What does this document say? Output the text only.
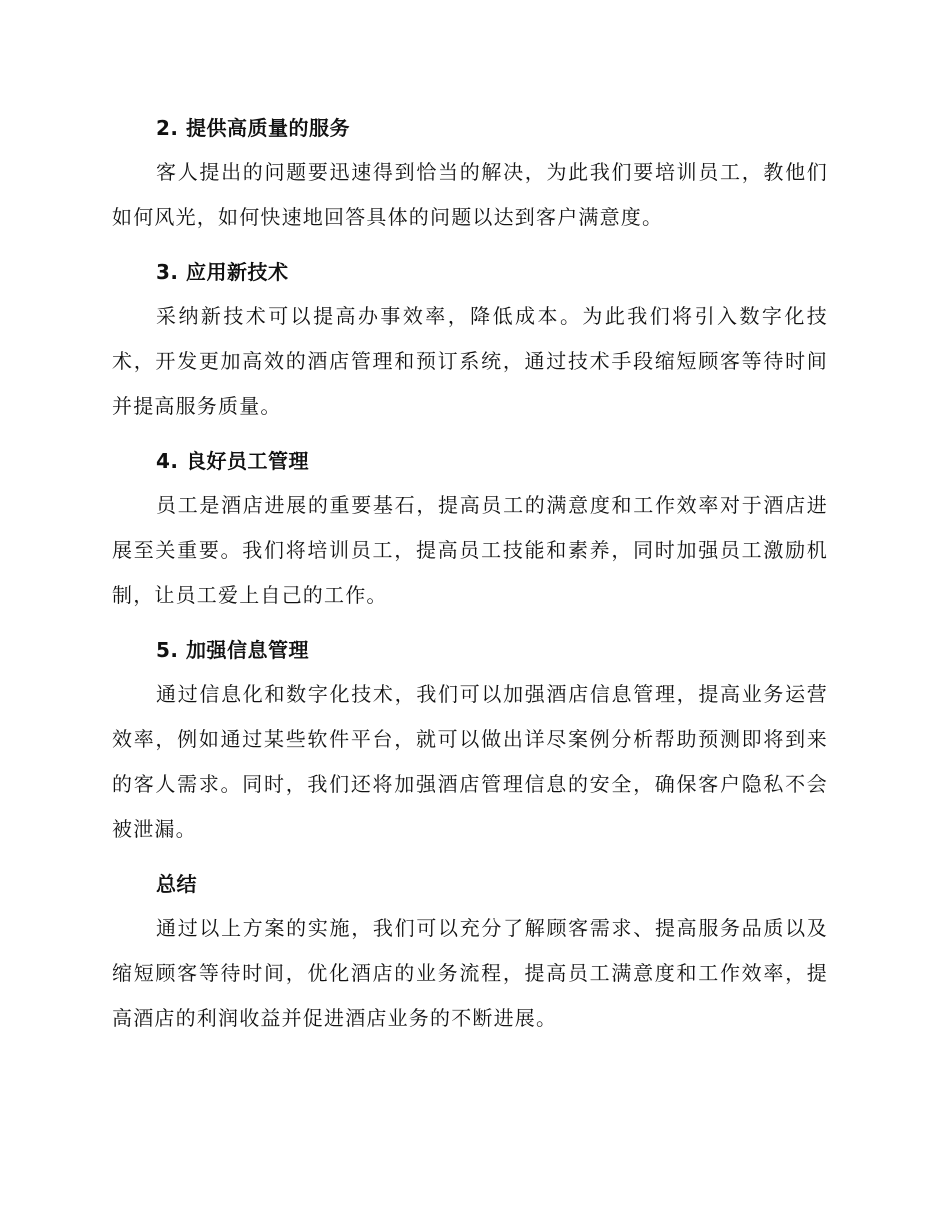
2. 提供高质量的服务

客人提出的问题要迅速得到恰当的解决，为此我们要培训员工，教他们如何风光，如何快速地回答具体的问题以达到客户满意度。

3. 应用新技术

采纳新技术可以提高办事效率，降低成本。为此我们将引入数字化技术，开发更加高效的酒店管理和预订系统，通过技术手段缩短顾客等待时间并提高服务质量。

4. 良好员工管理

员工是酒店进展的重要基石，提高员工的满意度和工作效率对于酒店进展至关重要。我们将培训员工，提高员工技能和素养，同时加强员工激励机制，让员工爱上自己的工作。

5. 加强信息管理

通过信息化和数字化技术，我们可以加强酒店信息管理，提高业务运营效率，例如通过某些软件平台，就可以做出详尽案例分析帮助预测即将到来的客人需求。同时，我们还将加强酒店管理信息的安全，确保客户隐私不会被泄漏。

总结

通过以上方案的实施，我们可以充分了解顾客需求、提高服务品质以及缩短顾客等待时间，优化酒店的业务流程，提高员工满意度和工作效率，提高酒店的利润收益并促进酒店业务的不断进展。
